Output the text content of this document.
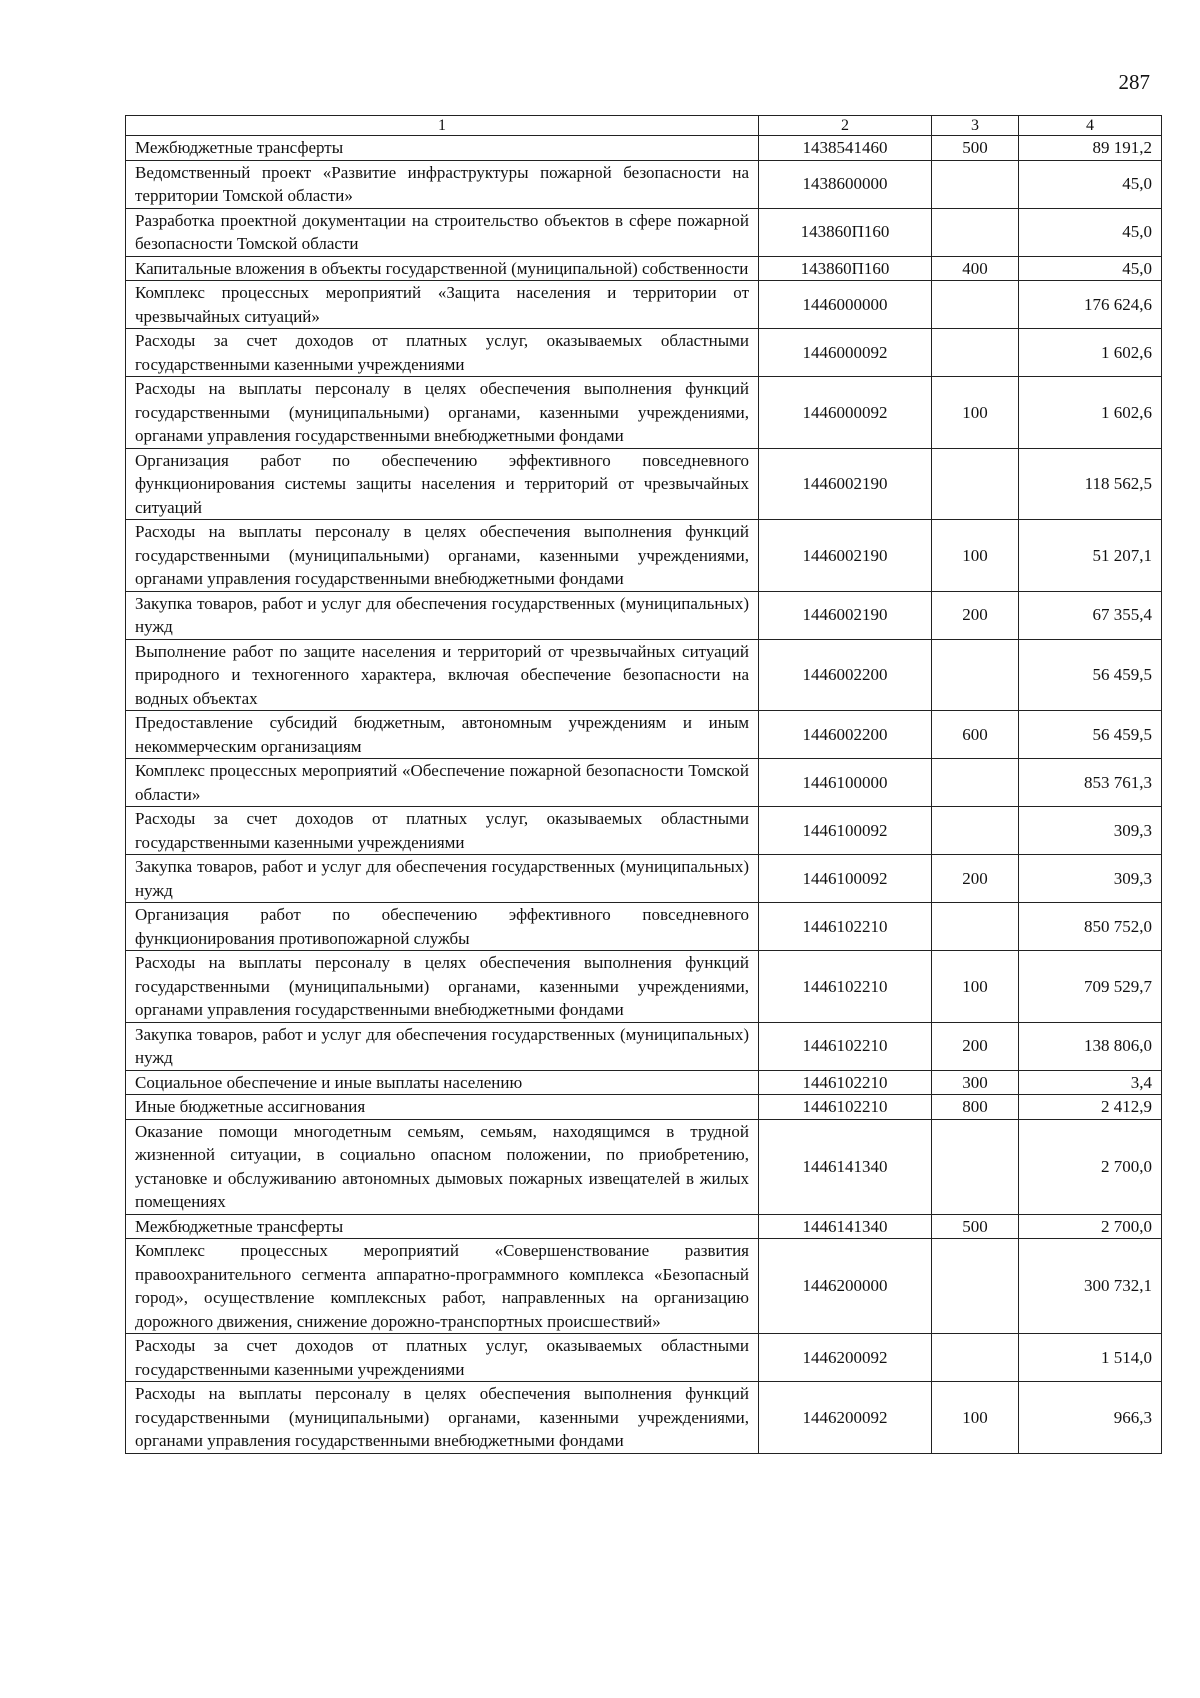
287
1	2	3	4
Межбюджетные трансферты	1438541460	500	89 191,2
Ведомственный проект «Развитие инфраструктуры пожарной безопасности на территории Томской области»	1438600000		45,0
Разработка проектной документации на строительство объектов в сфере пожарной безопасности Томской области	143860П160		45,0
Капитальные вложения в объекты государственной (муниципальной) собственности	143860П160	400	45,0
Комплекс процессных мероприятий «Защита населения и территории от чрезвычайных ситуаций»	1446000000		176 624,6
Расходы за счет доходов от платных услуг, оказываемых областными государственными казенными учреждениями	1446000092		1 602,6
Расходы на выплаты персоналу в целях обеспечения выполнения функций государственными (муниципальными) органами, казенными учреждениями, органами управления государственными внебюджетными фондами	1446000092	100	1 602,6
Организация работ по обеспечению эффективного повседневного функционирования системы защиты населения и территорий от чрезвычайных ситуаций	1446002190		118 562,5
Расходы на выплаты персоналу в целях обеспечения выполнения функций государственными (муниципальными) органами, казенными учреждениями, органами управления государственными внебюджетными фондами	1446002190	100	51 207,1
Закупка товаров, работ и услуг для обеспечения государственных (муниципальных) нужд	1446002190	200	67 355,4
Выполнение работ по защите населения и территорий от чрезвычайных ситуаций природного и техногенного характера, включая обеспечение безопасности на водных объектах	1446002200		56 459,5
Предоставление субсидий бюджетным, автономным учреждениям и иным некоммерческим организациям	1446002200	600	56 459,5
Комплекс процессных мероприятий «Обеспечение пожарной безопасности Томской области»	1446100000		853 761,3
Расходы за счет доходов от платных услуг, оказываемых областными государственными казенными учреждениями	1446100092		309,3
Закупка товаров, работ и услуг для обеспечения государственных (муниципальных) нужд	1446100092	200	309,3
Организация работ по обеспечению эффективного повседневного функционирования противопожарной службы	1446102210		850 752,0
Расходы на выплаты персоналу в целях обеспечения выполнения функций государственными (муниципальными) органами, казенными учреждениями, органами управления государственными внебюджетными фондами	1446102210	100	709 529,7
Закупка товаров, работ и услуг для обеспечения государственных (муниципальных) нужд	1446102210	200	138 806,0
Социальное обеспечение и иные выплаты населению	1446102210	300	3,4
Иные бюджетные ассигнования	1446102210	800	2 412,9
Оказание помощи многодетным семьям, семьям, находящимся в трудной жизненной ситуации, в социально опасном положении, по приобретению, установке и обслуживанию автономных дымовых пожарных извещателей в жилых помещениях	1446141340		2 700,0
Межбюджетные трансферты	1446141340	500	2 700,0
Комплекс процессных мероприятий «Совершенствование развития правоохранительного сегмента аппаратно-программного комплекса «Безопасный город», осуществление комплексных работ, направленных на организацию дорожного движения, снижение дорожно-транспортных происшествий»	1446200000		300 732,1
Расходы за счет доходов от платных услуг, оказываемых областными государственными казенными учреждениями	1446200092		1 514,0
Расходы на выплаты персоналу в целях обеспечения выполнения функций государственными (муниципальными) органами, казенными учреждениями, органами управления государственными внебюджетными фондами	1446200092	100	966,3
